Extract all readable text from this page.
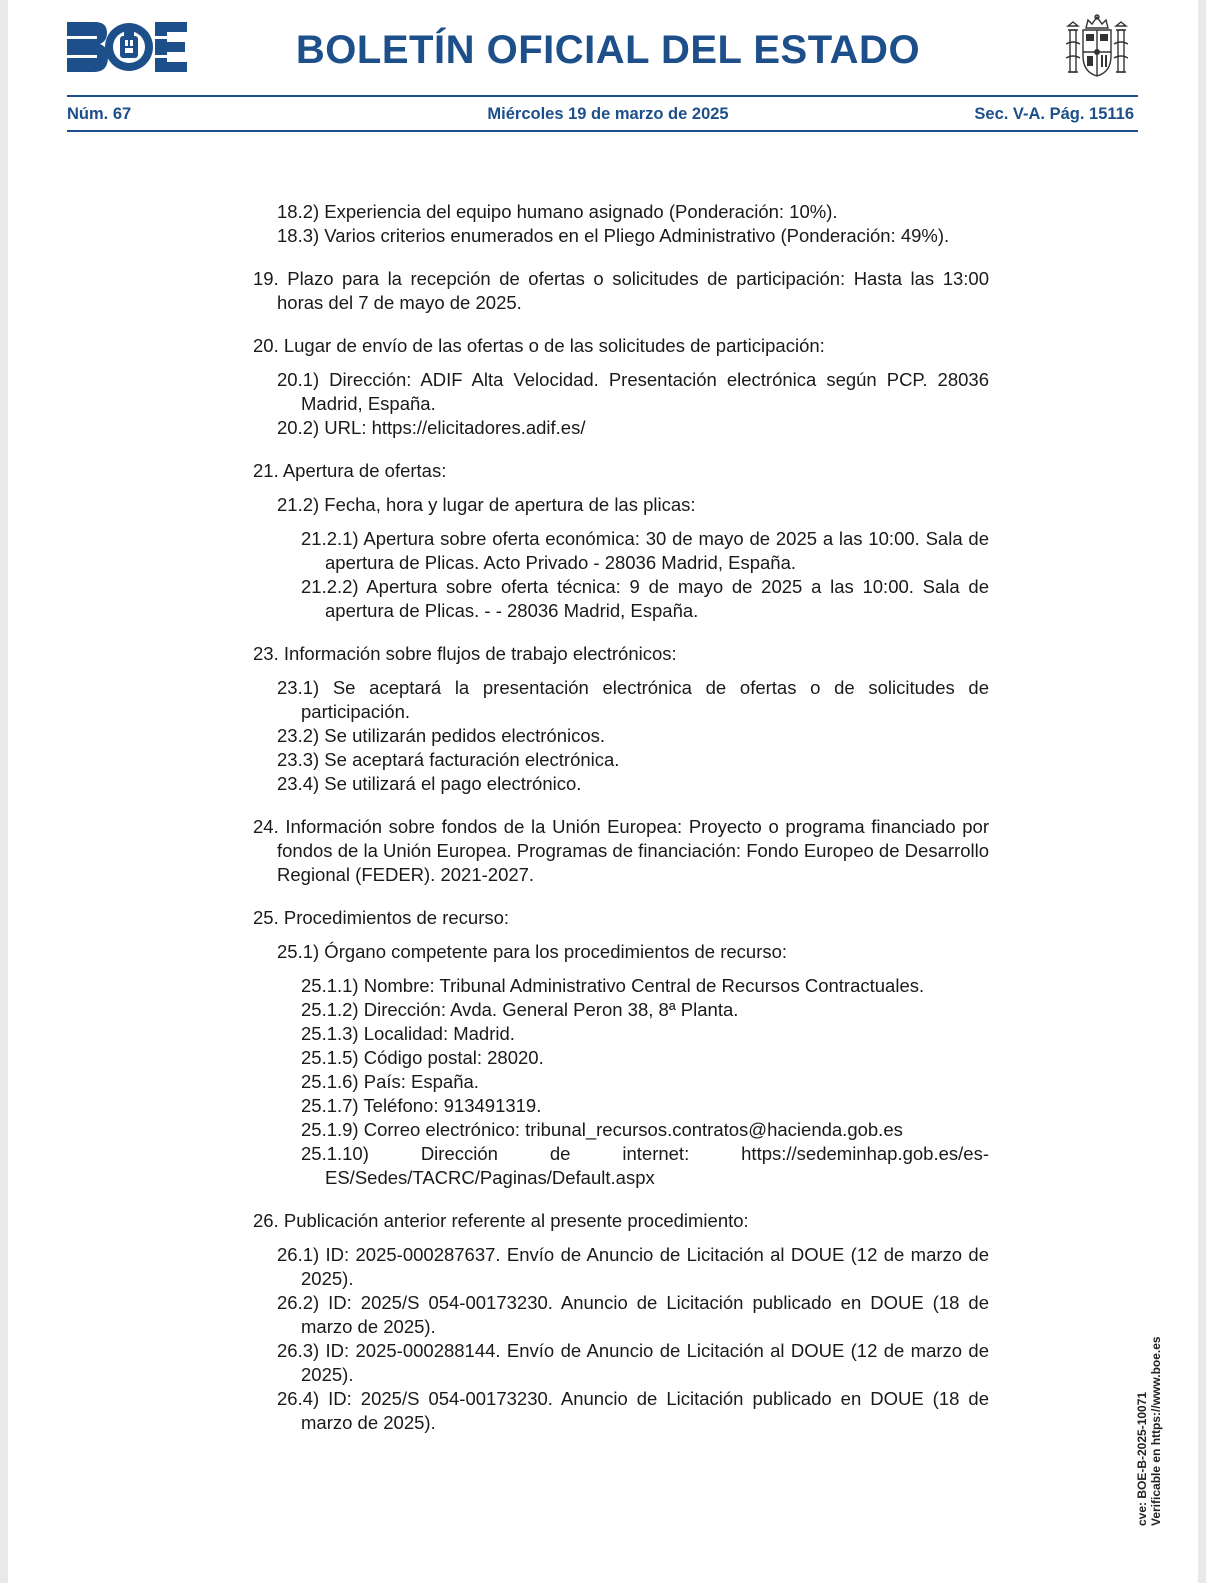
BOLETÍN OFICIAL DEL ESTADO
Núm. 67	Miércoles 19 de marzo de 2025	Sec. V-A. Pág. 15116

18.2) Experiencia del equipo humano asignado (Ponderación: 10%).

18.3) Varios criterios enumerados en el Pliego Administrativo (Ponderación: 49%).

19. Plazo para la recepción de ofertas o solicitudes de participación: Hasta las 13:00 horas del 7 de mayo de 2025.

20. Lugar de envío de las ofertas o de las solicitudes de participación:

20.1) Dirección: ADIF Alta Velocidad. Presentación electrónica según PCP. 28036 Madrid, España.

20.2) URL: https://elicitadores.adif.es/

21. Apertura de ofertas:

21.2) Fecha, hora y lugar de apertura de las plicas:

21.2.1) Apertura sobre oferta económica: 30 de mayo de 2025 a las 10:00. Sala de apertura de Plicas. Acto Privado - 28036 Madrid, España.

21.2.2) Apertura sobre oferta técnica: 9 de mayo de 2025 a las 10:00. Sala de apertura de Plicas. - - 28036 Madrid, España.

23. Información sobre flujos de trabajo electrónicos:

23.1) Se aceptará la presentación electrónica de ofertas o de solicitudes de participación.

23.2) Se utilizarán pedidos electrónicos.

23.3) Se aceptará facturación electrónica.

23.4) Se utilizará el pago electrónico.

24. Información sobre fondos de la Unión Europea: Proyecto o programa financiado por fondos de la Unión Europea. Programas de financiación: Fondo Europeo de Desarrollo Regional (FEDER). 2021-2027.

25. Procedimientos de recurso:

25.1) Órgano competente para los procedimientos de recurso:

25.1.1) Nombre: Tribunal Administrativo Central de Recursos Contractuales.

25.1.2) Dirección: Avda. General Peron 38, 8ª Planta.

25.1.3) Localidad: Madrid.

25.1.5) Código postal: 28020.

25.1.6) País: España.

25.1.7) Teléfono: 913491319.

25.1.9) Correo electrónico: tribunal_recursos.contratos@hacienda.gob.es

25.1.10) Dirección de internet: https://sedeminhap.gob.es/es-ES/Sedes/TACRC/Paginas/Default.aspx

26. Publicación anterior referente al presente procedimiento:

26.1) ID: 2025-000287637. Envío de Anuncio de Licitación al DOUE (12 de marzo de 2025).

26.2) ID: 2025/S 054-00173230. Anuncio de Licitación publicado en DOUE (18 de marzo de 2025).

26.3) ID: 2025-000288144. Envío de Anuncio de Licitación al DOUE (12 de marzo de 2025).

26.4) ID: 2025/S 054-00173230. Anuncio de Licitación publicado en DOUE (18 de marzo de 2025).	cve: BOE-B-2025-10071 Verificable en https://www.boe.es
